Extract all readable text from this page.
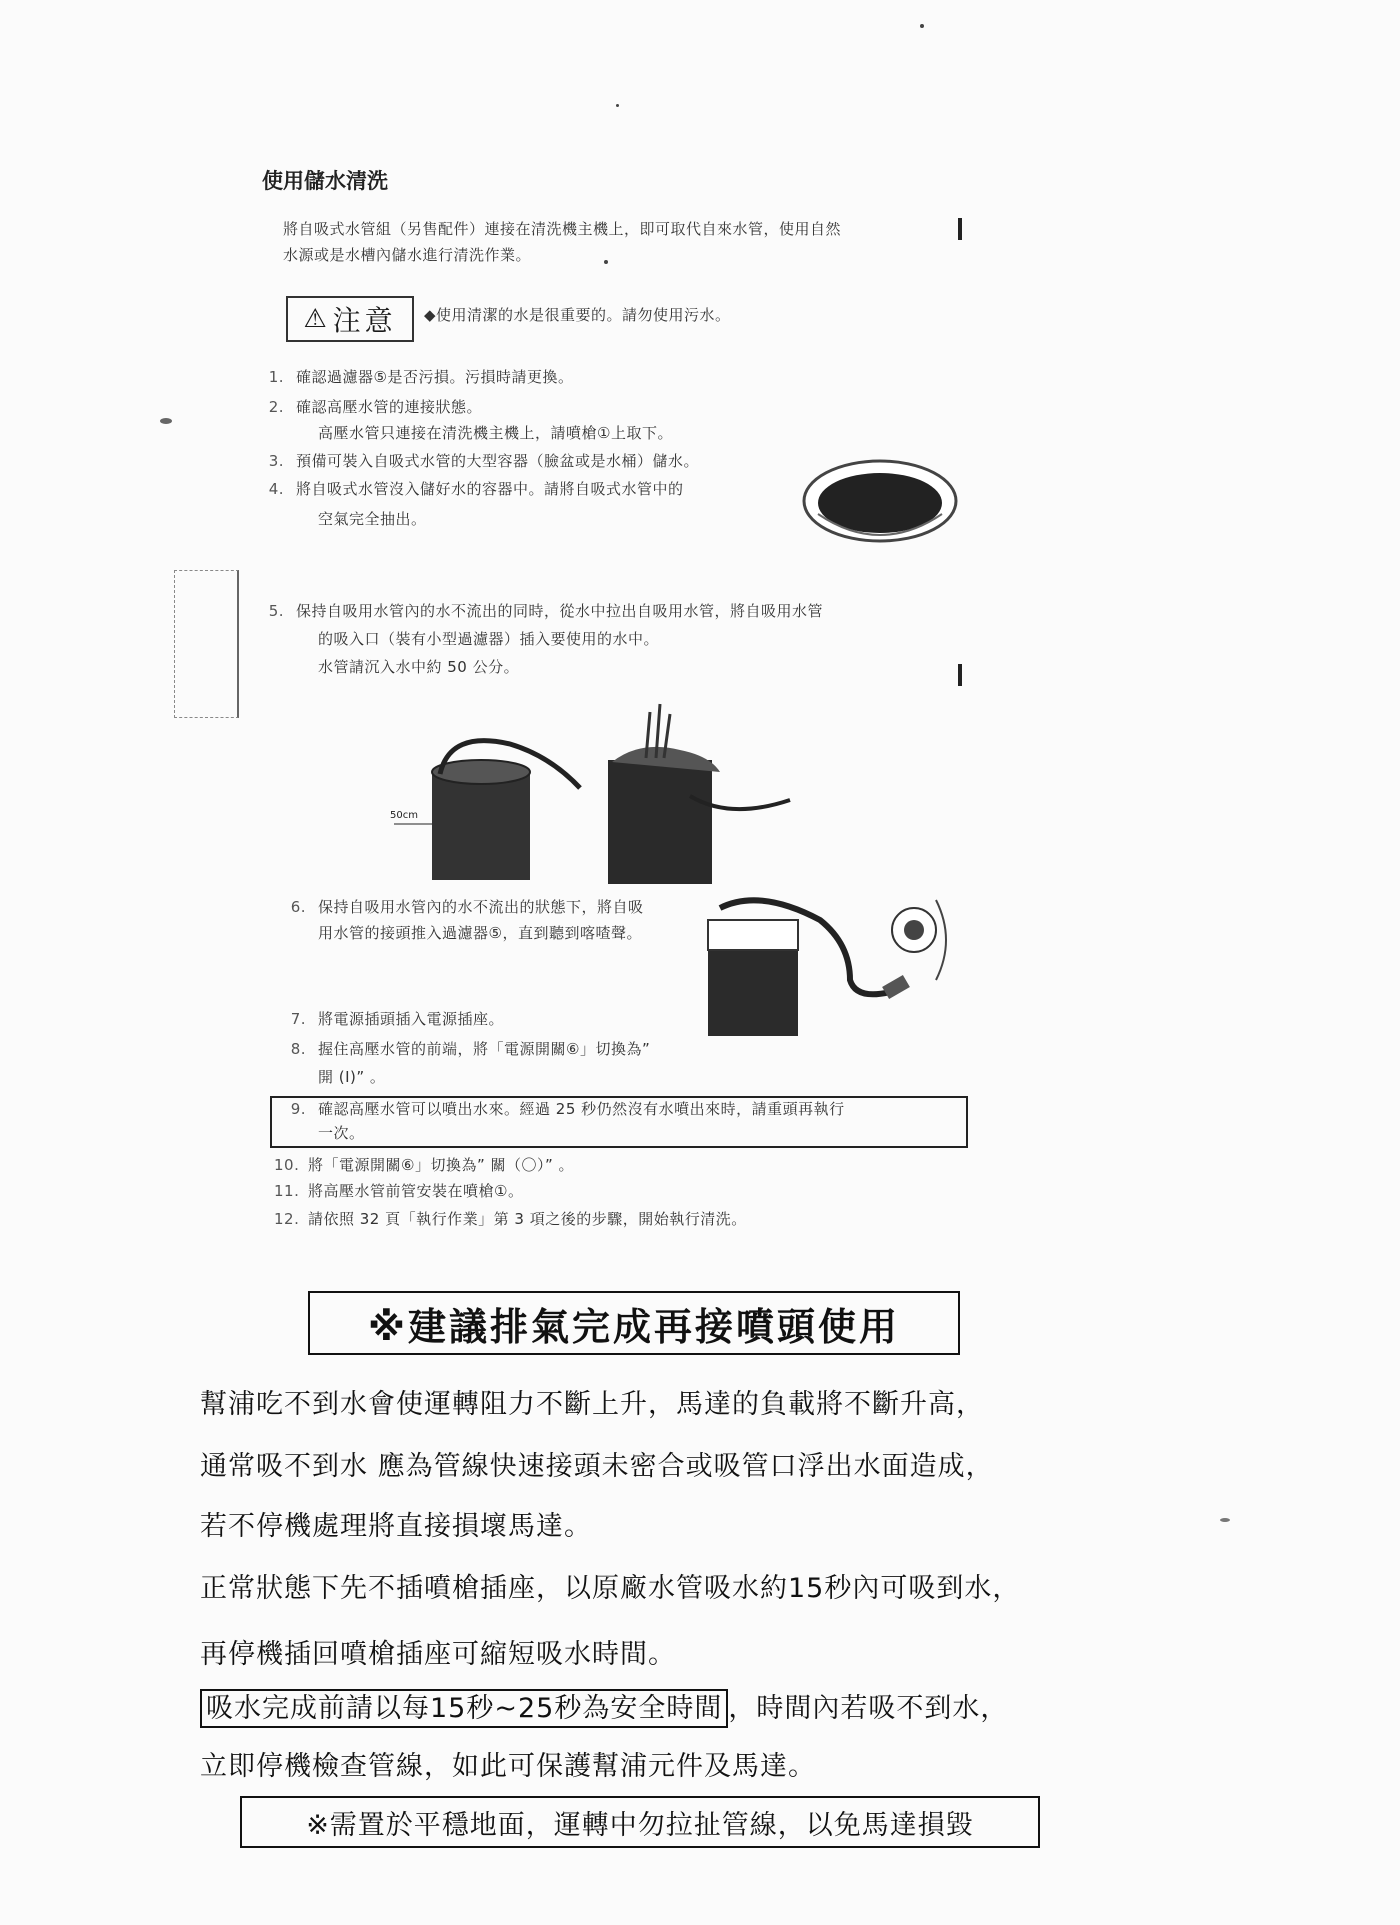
使用儲水清洗
將自吸式水管組（另售配件）連接在清洗機主機上，即可取代自來水管，使用自然
水源或是水槽內儲水進行清洗作業。
⚠ 注意 ◆使用清潔的水是很重要的。請勿使用污水。
1. 確認過濾器⑤是否污損。污損時請更換。
2. 確認高壓水管的連接狀態。
高壓水管只連接在清洗機主機上，請噴槍①上取下。
3. 預備可裝入自吸式水管的大型容器（臉盆或是水桶）儲水。
4. 將自吸式水管沒入儲好水的容器中。請將自吸式水管中的
空氣完全抽出。
5. 保持自吸用水管內的水不流出的同時，從水中拉出自吸用水管，將自吸用水管
的吸入口（裝有小型過濾器）插入要使用的水中。
水管請沉入水中約 50 公分。
50cm
6. 保持自吸用水管內的水不流出的狀態下，將自吸
用水管的接頭推入過濾器⑤，直到聽到喀喳聲。
7. 將電源插頭插入電源插座。
8. 握住高壓水管的前端，將「電源開關⑥」切換為”
開 (I)” 。
9. 確認高壓水管可以噴出水來。經過 25 秒仍然沒有水噴出來時，請重頭再執行
一次。
10. 將「電源開關⑥」切換為” 關（〇）” 。
11. 將高壓水管前管安裝在噴槍①。
12. 請依照 32 頁「執行作業」第 3 項之後的步驟，開始執行清洗。
※建議排氣完成再接噴頭使用
幫浦吃不到水會使運轉阻力不斷上升，馬達的負載將不斷升高，
通常吸不到水 應為管線快速接頭未密合或吸管口浮出水面造成，
若不停機處理將直接損壞馬達。
正常狀態下先不插噴槍插座，以原廠水管吸水約15秒內可吸到水，
再停機插回噴槍插座可縮短吸水時間。
吸水完成前請以每15秒~25秒為安全時間 ，時間內若吸不到水，
立即停機檢查管線，如此可保護幫浦元件及馬達。
※需置於平穩地面，運轉中勿拉扯管線，以免馬達損毀
